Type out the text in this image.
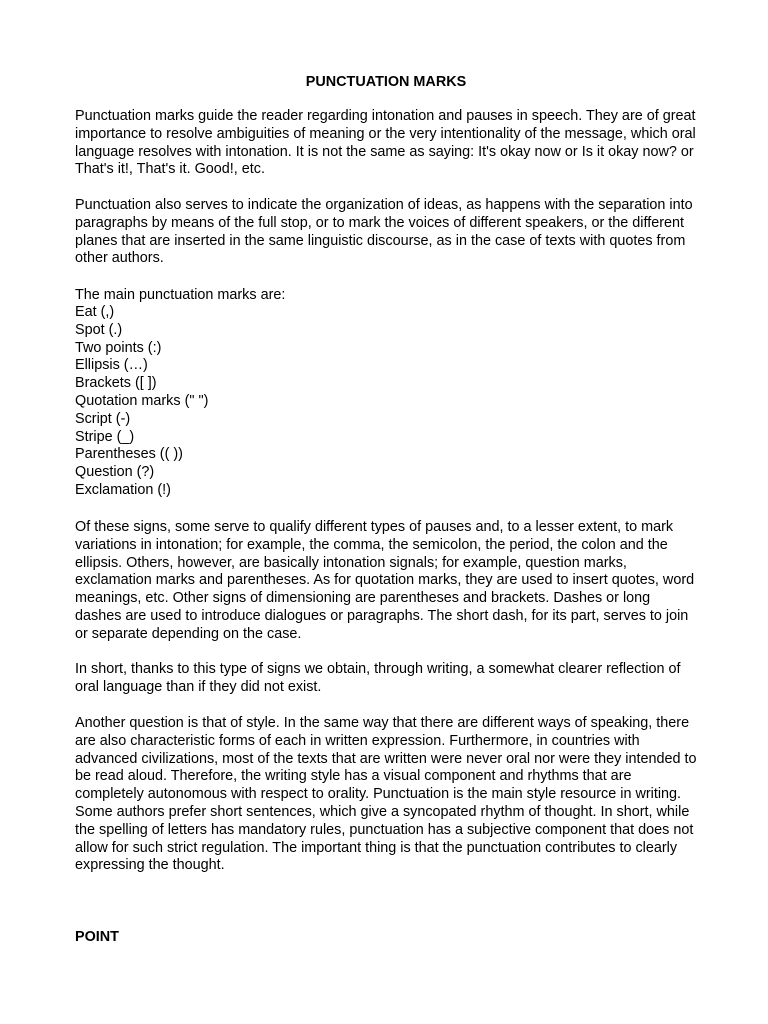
PUNCTUATION MARKS

Punctuation marks guide the reader regarding intonation and pauses in speech. They are of great importance to resolve ambiguities of meaning or the very intentionality of the message, which oral language resolves with intonation. It is not the same as saying: It's okay now or Is it okay now? or That's it!, That's it. Good!, etc.

Punctuation also serves to indicate the organization of ideas, as happens with the separation into paragraphs by means of the full stop, or to mark the voices of different speakers, or the different planes that are inserted in the same linguistic discourse, as in the case of texts with quotes from other authors.

The main punctuation marks are:

Eat (,)
Spot (.)
Two points (:)
Ellipsis (…)
Brackets ([ ])
Quotation marks (" ")
Script (-)
Stripe (_)
Parentheses (( ))
Question (?)
Exclamation (!)

Of these signs, some serve to qualify different types of pauses and, to a lesser extent, to mark variations in intonation; for example, the comma, the semicolon, the period, the colon and the ellipsis. Others, however, are basically intonation signals; for example, question marks, exclamation marks and parentheses. As for quotation marks, they are used to insert quotes, word meanings, etc. Other signs of dimensioning are parentheses and brackets. Dashes or long dashes are used to introduce dialogues or paragraphs. The short dash, for its part, serves to join or separate depending on the case.

In short, thanks to this type of signs we obtain, through writing, a somewhat clearer reflection of oral language than if they did not exist.

Another question is that of style. In the same way that there are different ways of speaking, there are also characteristic forms of each in written expression. Furthermore, in countries with advanced civilizations, most of the texts that are written were never oral nor were they intended to be read aloud. Therefore, the writing style has a visual component and rhythms that are completely autonomous with respect to orality. Punctuation is the main style resource in writing. Some authors prefer short sentences, which give a syncopated rhythm of thought. In short, while the spelling of letters has mandatory rules, punctuation has a subjective component that does not allow for such strict regulation. The important thing is that the punctuation contributes to clearly expressing the thought.

POINT
